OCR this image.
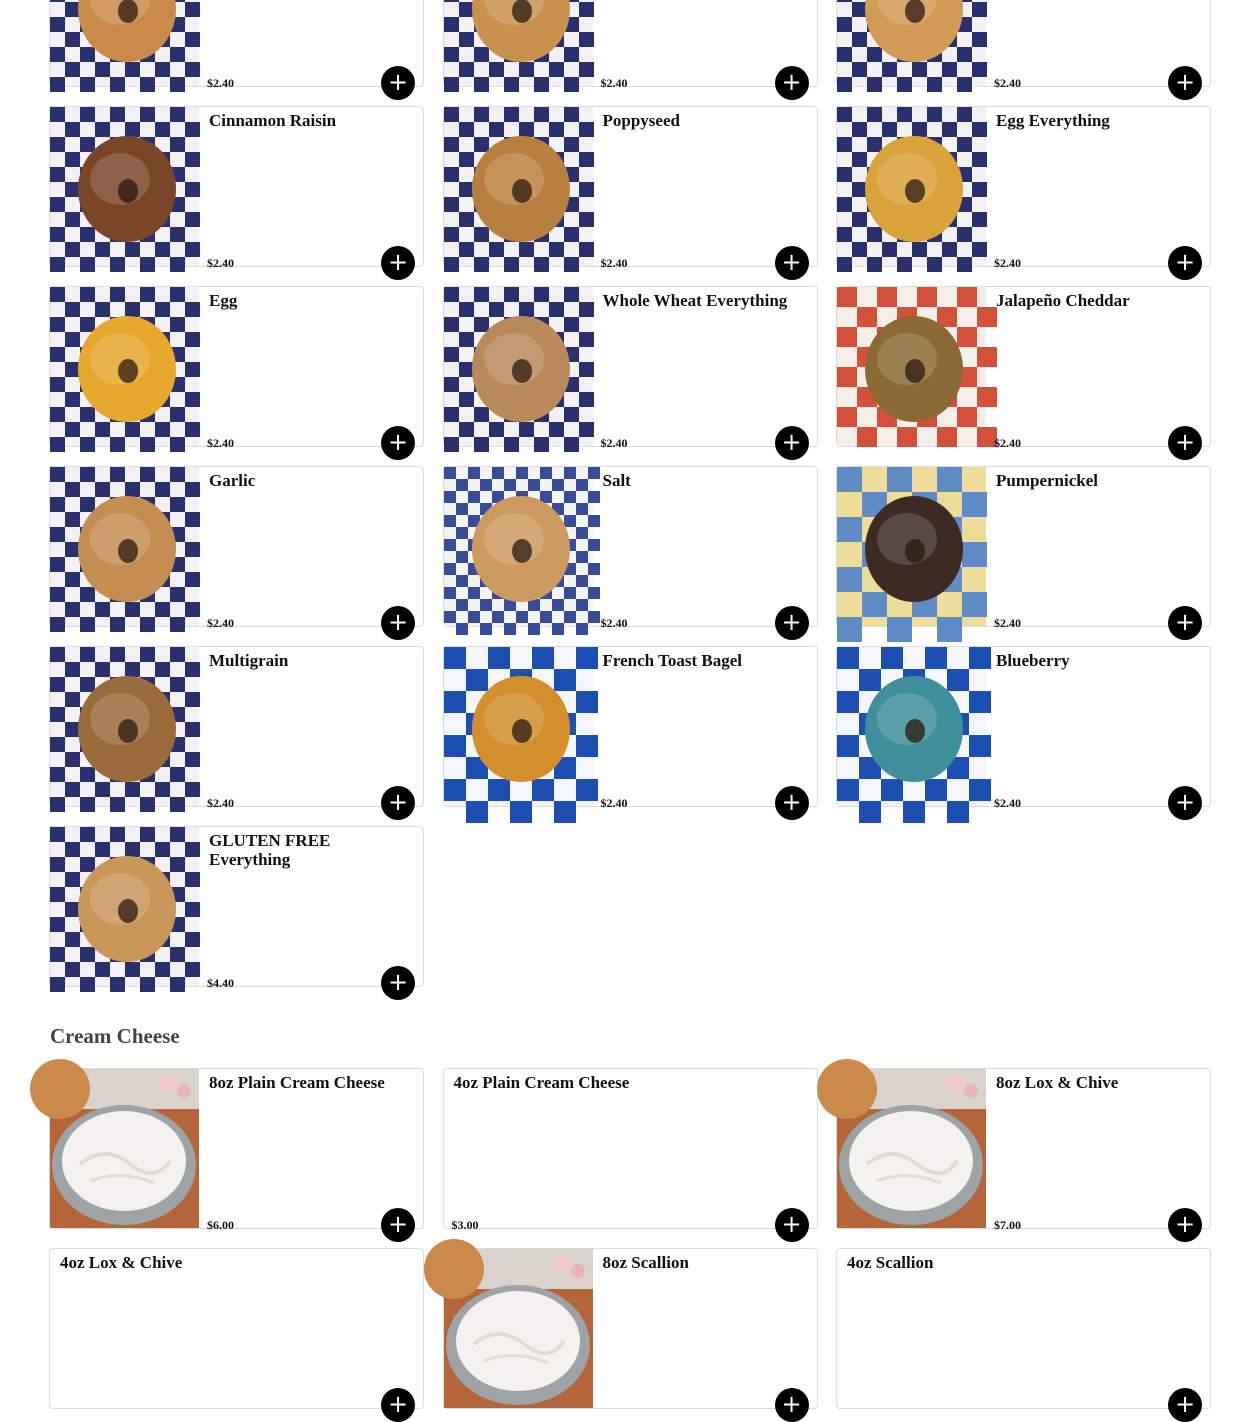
$2.40	+	$2.40	+	$2.40	+
Cinnamon Raisin
$2.40	+
Poppyseed
$2.40	+
Egg Everything
$2.40	+
Egg
$2.40	+
Whole Wheat Everything
$2.40	+
Jalapeño Cheddar
$2.40	+
Garlic
$2.40	+
Salt
$2.40	+
Pumpernickel
$2.40	+
Multigrain
$2.40	+
French Toast Bagel
$2.40	+
Blueberry
$2.40	+
GLUTEN FREE Everything
$4.40	+
Cream Cheese
8oz Plain Cream Cheese
$6.00	+
4oz Plain Cream Cheese
$3.00	+
8oz Lox & Chive
$7.00	+
4oz Lox & Chive
+
8oz Scallion
+
4oz Scallion
+
